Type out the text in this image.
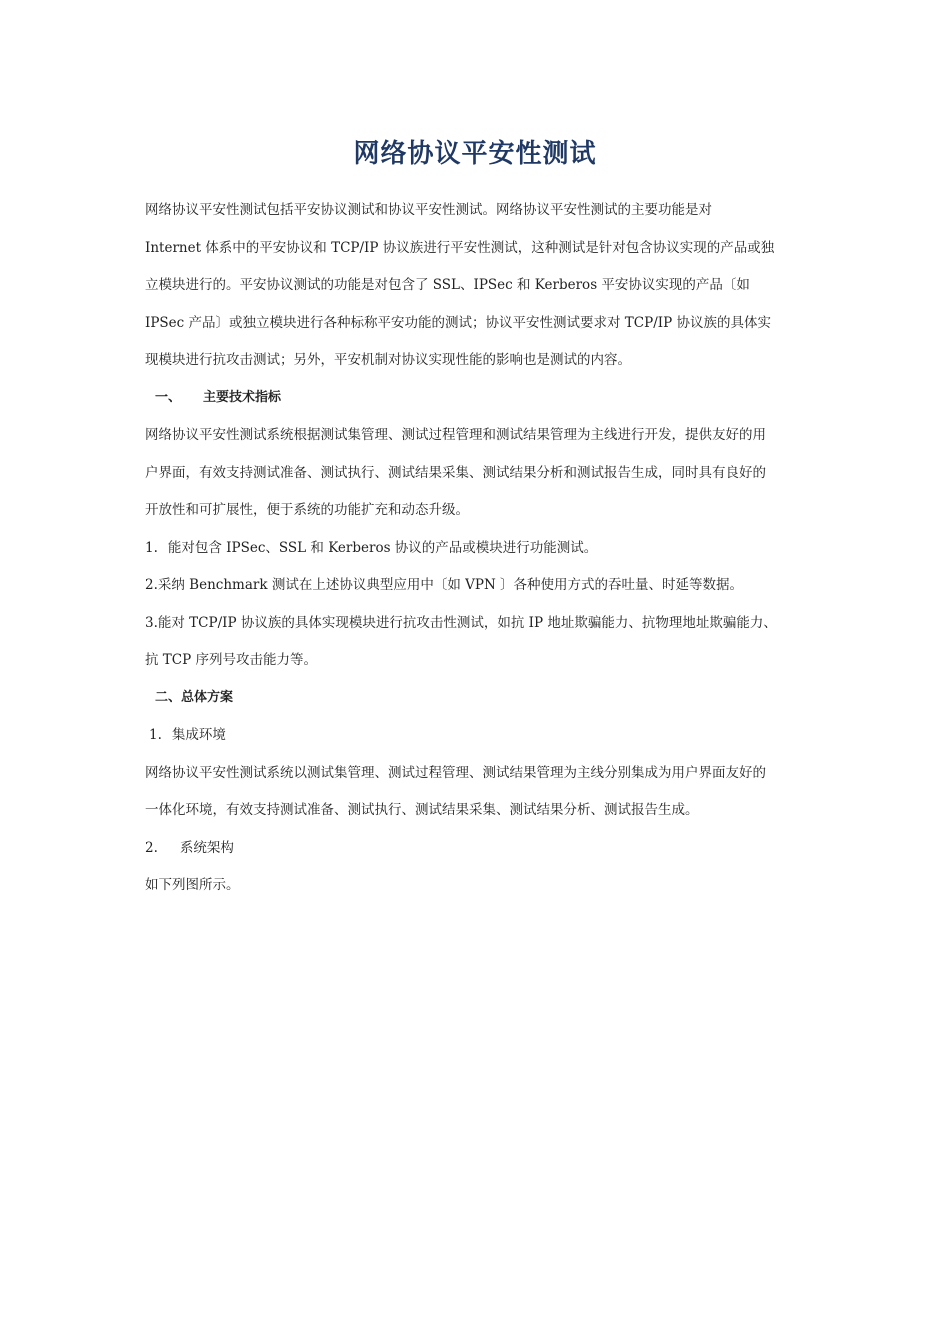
网络协议平安性测试

网络协议平安性测试包括平安协议测试和协议平安性测试。网络协议平安性测试的主要功能是对

Internet 体系中的平安协议和 TCP/IP 协议族进行平安性测试，这种测试是针对包含协议实现的产品或独

立模块进行的。平安协议测试的功能是对包含了 SSL、IPSec 和 Kerberos 平安协议实现的产品〔如

IPSec 产品〕或独立模块进行各种标称平安功能的测试；协议平安性测试要求对 TCP/IP 协议族的具体实

现模块进行抗攻击测试；另外，平安机制对协议实现性能的影响也是测试的内容。

一、 主要技术指标

网络协议平安性测试系统根据测试集管理、测试过程管理和测试结果管理为主线进行开发，提供友好的用

户界面，有效支持测试准备、测试执行、测试结果采集、测试结果分析和测试报告生成，同时具有良好的

开放性和可扩展性，便于系统的功能扩充和动态升级。

1. 能对包含 IPSec、SSL 和 Kerberos 协议的产品或模块进行功能测试。

2.采纳 Benchmark 测试在上述协议典型应用中〔如 VPN 〕各种使用方式的吞吐量、时延等数据。

3.能对 TCP/IP 协议族的具体实现模块进行抗攻击性测试，如抗 IP 地址欺骗能力、抗物理地址欺骗能力、

抗 TCP 序列号攻击能力等。

二、总体方案

1. 集成环境

网络协议平安性测试系统以测试集管理、测试过程管理、测试结果管理为主线分别集成为用户界面友好的

一体化环境，有效支持测试准备、测试执行、测试结果采集、测试结果分析、测试报告生成。

2. 系统架构

如下列图所示。
